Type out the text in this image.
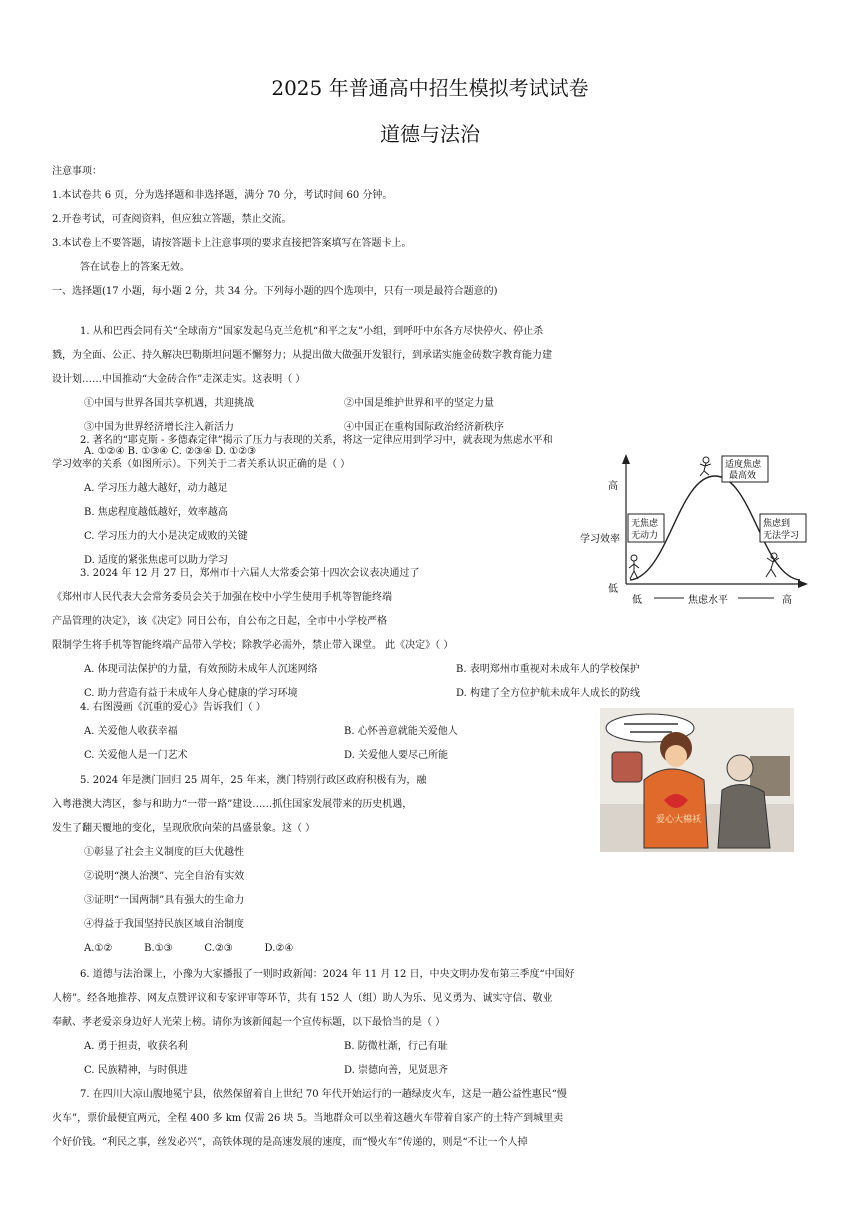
2025 年普通高中招生模拟考试试卷
道德与法治
注意事项：
1.本试卷共 6 页，分为选择题和非选择题，满分 70 分，考试时间 60 分钟。
2.开卷考试，可查阅资料，但应独立答题，禁止交流。
3.本试卷上不要答题，请按答题卡上注意事项的要求直接把答案填写在答题卡上。
答在试卷上的答案无效。
一、选择题(17 小题，每小题 2 分，共 34 分。下列每小题的四个选项中，只有一项是最符合题意的)
1. 从和巴西会同有关“全球南方”国家发起乌克兰危机“和平之友”小组，到呼吁中东各方尽快停火、停止杀
戮，为全面、公正、持久解决巴勒斯坦问题不懈努力；从提出做大做强开发银行，到承诺实施金砖数字教育能力建
设计划……中国推动“大金砖合作”走深走实。这表明（ ）
①中国与世界各国共享机遇，共迎挑战	②中国是维护世界和平的坚定力量
③中国为世界经济增长注入新活力	④中国正在重构国际政治经济新秩序
A. ①②④ B. ①③④ C. ②③④ D. ①②③
2. 著名的“耶克斯 - 多德森定律”揭示了压力与表现的关系，将这一定律应用到学习中，就表现为焦虑水平和
学习效率的关系（如图所示）。下列关于二者关系认识正确的是（ ）
A. 学习压力越大越好，动力越足
B. 焦虑程度越低越好，效率越高
C. 学习压力的大小是决定成败的关键
D. 适度的紧张焦虑可以助力学习
高
学习效率
低
低	焦虑水平	高
适度焦虑
最高效
无焦虑
无动力
焦虑到
无法学习
3. 2024 年 12 月 27 日，郑州市十六届人大常委会第十四次会议表决通过了
《郑州市人民代表大会常务委员会关于加强在校中小学生使用手机等智能终端
产品管理的决定》，该《决定》同日公布，自公布之日起，全市中小学校严格
限制学生将手机等智能终端产品带入学校；除教学必需外，禁止带入课堂。 此《决定》（ ）
A. 体现司法保护的力量，有效预防未成年人沉迷网络	B. 表明郑州市重视对未成年人的学校保护
C. 助力营造有益于未成年人身心健康的学习环境	D. 构建了全方位护航未成年人成长的防线
4. 右图漫画《沉重的爱心》告诉我们（ ）
A. 关爱他人收获幸福	B. 心怀善意就能关爱他人
C. 关爱他人是一门艺术	D. 关爱他人要尽己所能
爱心大棉袄
5. 2024 年是澳门回归 25 周年，25 年来，澳门特别行政区政府积极有为，融
入粤港澳大湾区，参与和助力“一带一路”建设……抓住国家发展带来的历史机遇，
发生了翻天覆地的变化，呈现欣欣向荣的昌盛景象。这（ ）
①彰显了社会主义制度的巨大优越性
②说明“澳人治澳”、完全自治有实效
③证明“一国两制”具有强大的生命力
④得益于我国坚持民族区域自治制度
A.①②          B.①③          C.②③          D.②④
6. 道德与法治课上，小豫为大家播报了一则时政新闻：2024 年 11 月 12 日，中央文明办发布第三季度“中国好
人榜”。经各地推荐、网友点赞评议和专家评审等环节，共有 152 人（组）助人为乐、见义勇为、诚实守信、敬业
奉献、孝老爱亲身边好人光荣上榜。请你为该新闻起一个宣传标题，以下最恰当的是（ ）
A. 勇于担责，收获名利	B. 防微杜渐，行己有耻
C. 民族精神，与时俱进	D. 崇德向善，见贤思齐
7. 在四川大凉山腹地冕宁县，依然保留着自上世纪 70 年代开始运行的一趟绿皮火车，这是一趟公益性惠民“慢
火车”，票价最便宜两元，全程 400 多 km 仅需 26 块 5。当地群众可以坐着这趟火车带着自家产的土特产到城里卖
个好价钱。“利民之事，丝发必兴”，高铁体现的是高速发展的速度，而“慢火车”传递的，则是“不让一个人掉
